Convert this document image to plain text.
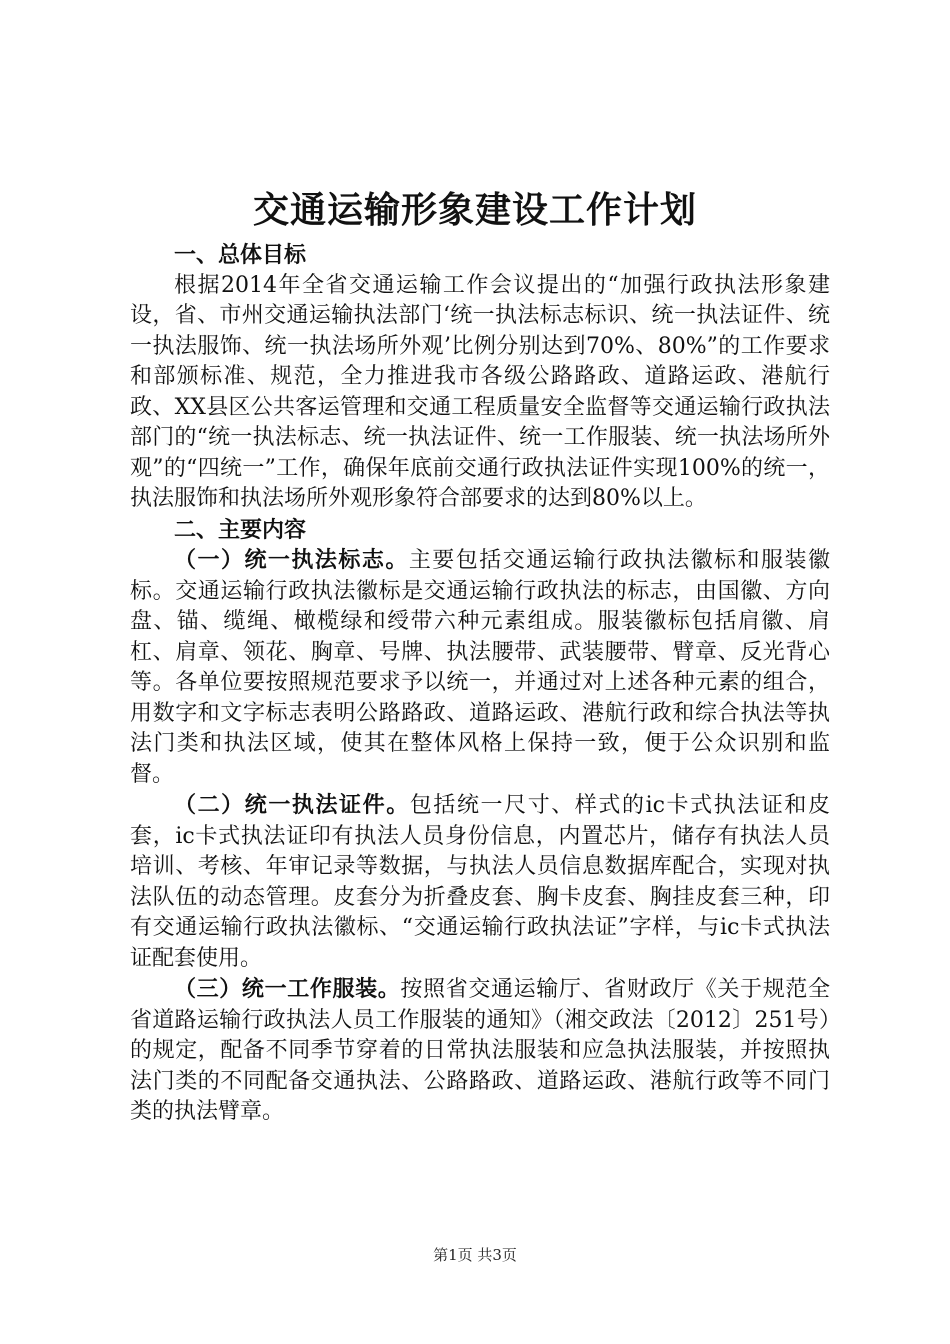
交通运输形象建设工作计划

一、总体目标

根据2014年全省交通运输工作会议提出的“加强行政执法形象建设，省、市州交通运输执法部门‘统一执法标志标识、统一执法证件、统一执法服饰、统一执法场所外观’比例分别达到70%、80%”的工作要求和部颁标准、规范，全力推进我市各级公路路政、道路运政、港航行政、XX县区公共客运管理和交通工程质量安全监督等交通运输行政执法部门的“统一执法标志、统一执法证件、统一工作服装、统一执法场所外观”的“四统一”工作，确保年底前交通行政执法证件实现100%的统一，执法服饰和执法场所外观形象符合部要求的达到80%以上。

二、主要内容

（一）统一执法标志。主要包括交通运输行政执法徽标和服装徽标。交通运输行政执法徽标是交通运输行政执法的标志，由国徽、方向盘、锚、缆绳、橄榄绿和绶带六种元素组成。服装徽标包括肩徽、肩杠、肩章、领花、胸章、号牌、执法腰带、武装腰带、臂章、反光背心等。各单位要按照规范要求予以统一，并通过对上述各种元素的组合，用数字和文字标志表明公路路政、道路运政、港航行政和综合执法等执法门类和执法区域，使其在整体风格上保持一致，便于公众识别和监督。

（二）统一执法证件。包括统一尺寸、样式的ic卡式执法证和皮套，ic卡式执法证印有执法人员身份信息，内置芯片，储存有执法人员培训、考核、年审记录等数据，与执法人员信息数据库配合，实现对执法队伍的动态管理。皮套分为折叠皮套、胸卡皮套、胸挂皮套三种，印有交通运输行政执法徽标、“交通运输行政执法证”字样，与ic卡式执法证配套使用。

（三）统一工作服装。按照省交通运输厅、省财政厅《关于规范全省道路运输行政执法人员工作服装的通知》（湘交政法〔2012〕251号）的规定，配备不同季节穿着的日常执法服装和应急执法服装，并按照执法门类的不同配备交通执法、公路路政、道路运政、港航行政等不同门类的执法臂章。

第1页 共3页
